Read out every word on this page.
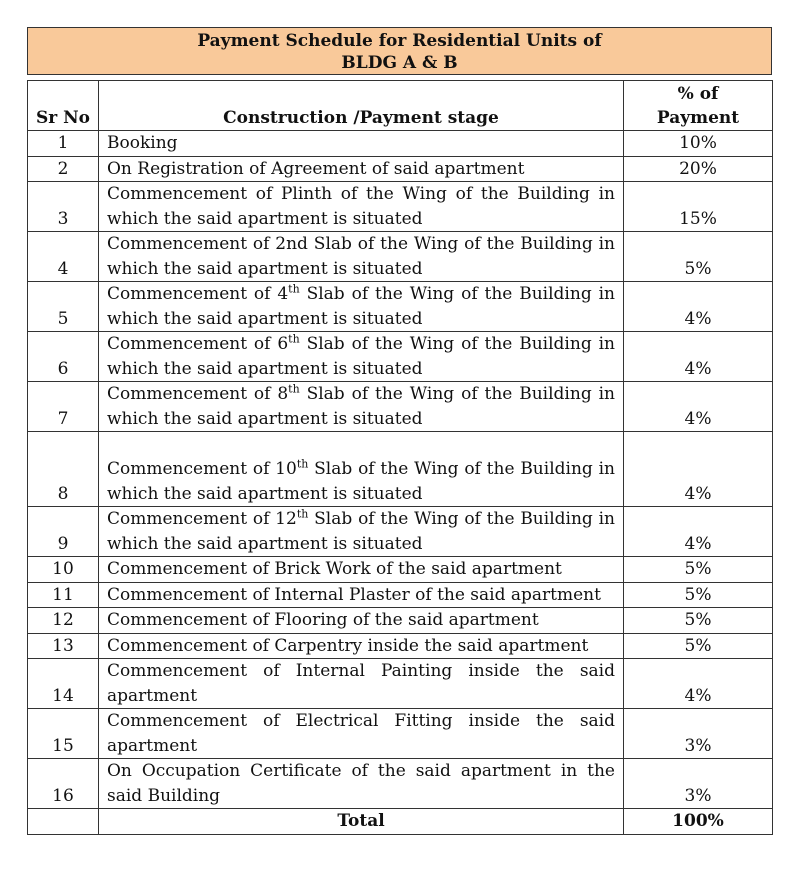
Payment Schedule for Residential Units of
BLDG A & B
Sr No	Construction /Payment stage	% of
Payment

1	Booking	10%
2	On Registration of Agreement of said apartment	20%
3	Commencement of Plinth of the Wing of the Building in which the said apartment is situated	15%
4	Commencement of 2nd Slab of the Wing of the Building in which the said apartment is situated	5%
5	Commencement of 4th Slab of the Wing of the Building in which the said apartment is situated	4%
6	Commencement of 6th Slab of the Wing of the Building in which the said apartment is situated	4%
7	Commencement of 8th Slab of the Wing of the Building in which the said apartment is situated	4%
8	Commencement of 10th Slab of the Wing of the Building in which the said apartment is situated	4%
9	Commencement of 12th Slab of the Wing of the Building in which the said apartment is situated	4%
10	Commencement of Brick Work of the said apartment	5%
11	Commencement of Internal Plaster of the said apartment	5%
12	Commencement of Flooring of the said apartment	5%
13	Commencement of Carpentry inside the said apartment	5%
14	Commencement of Internal Painting inside the said apartment	4%
15	Commencement of Electrical Fitting inside the said apartment	3%
16	On Occupation Certificate of the said apartment in the said Building	3%
	Total	100%
